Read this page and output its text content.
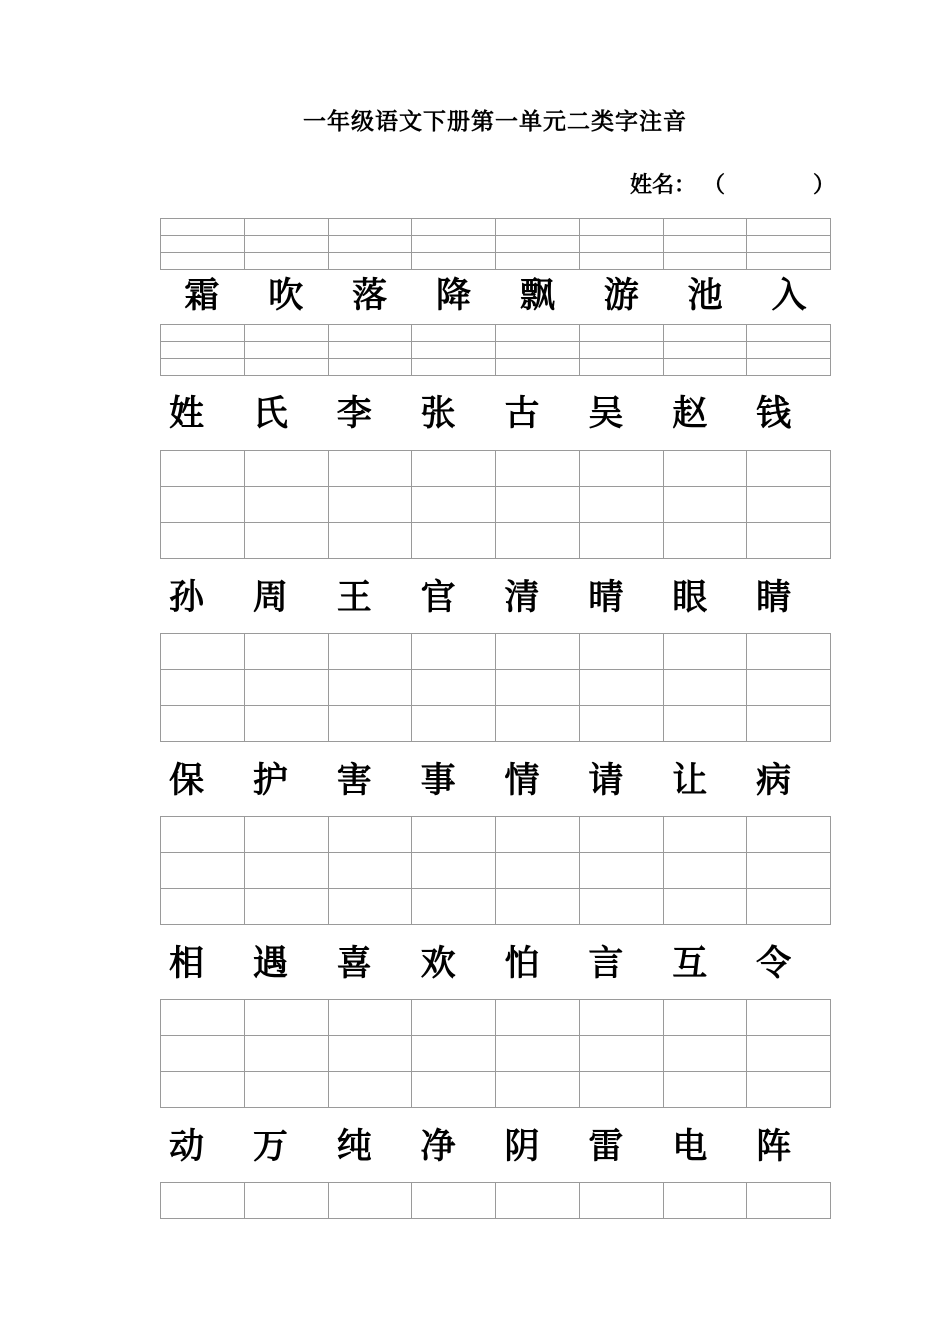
一年级语文下册第一单元二类字注音
姓名： （	）
霜	吹	落	降	飘	游	池	入
姓	氏	李	张	古	吴	赵	钱
孙	周	王	官	清	晴	眼	睛
保	护	害	事	情	请	让	病
相	遇	喜	欢	怕	言	互	令
动	万	纯	净	阴	雷	电	阵
